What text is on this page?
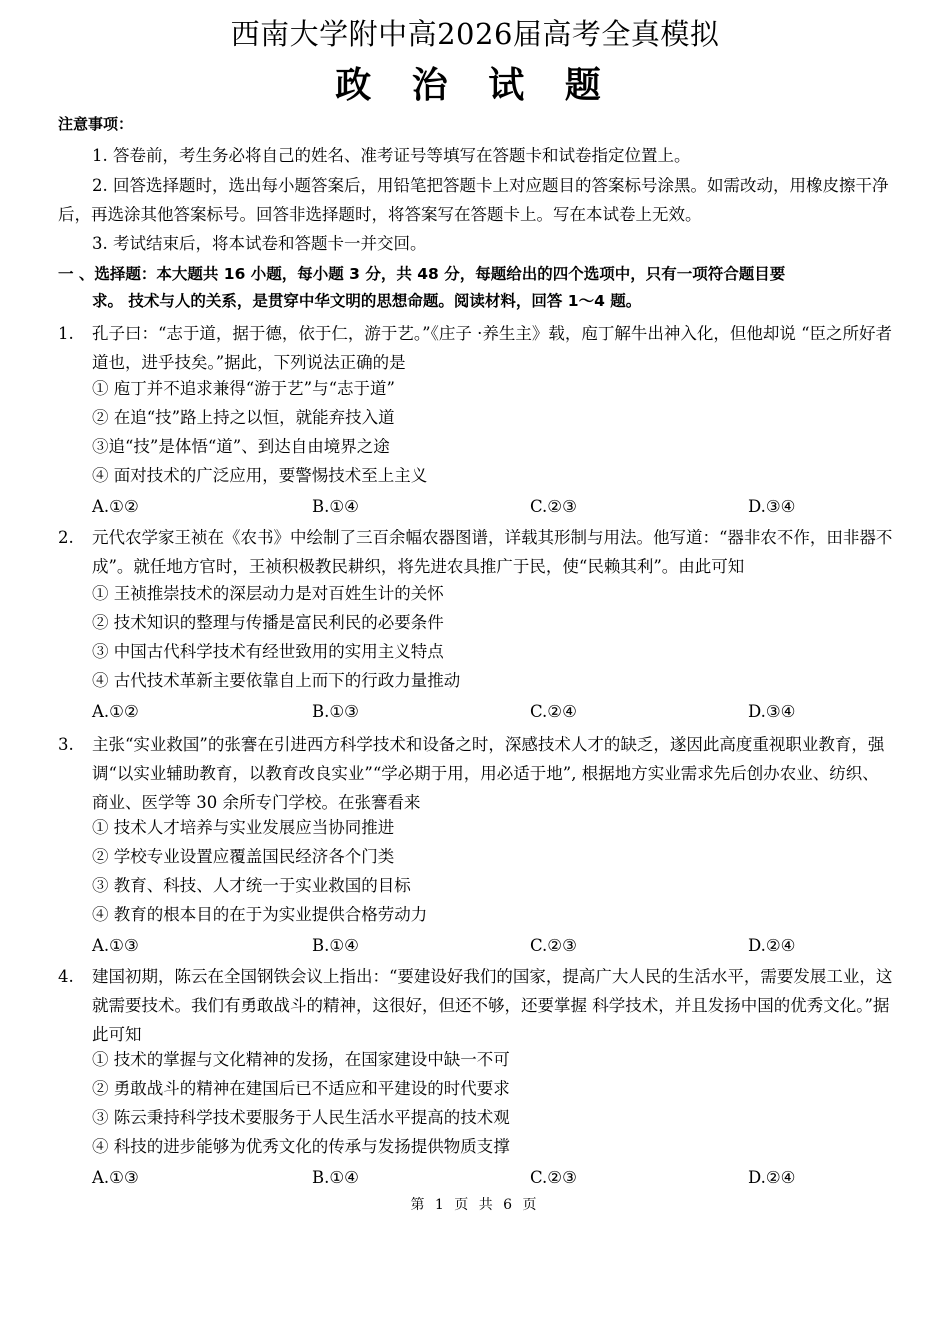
西南大学附中高2026届高考全真模拟
政 治 试 题
注意事项：
1. 答卷前，考生务必将自己的姓名、准考证号等填写在答题卡和试卷指定位置上。
2. 回答选择题时，选出每小题答案后，用铅笔把答题卡上对应题目的答案标号涂黑。如需改动，用橡皮擦干净后，再选涂其他答案标号。回答非选择题时，将答案写在答题卡上。写在本试卷上无效。
3. 考试结束后，将本试卷和答题卡一并交回。
一 、选择题：本大题共 16 小题，每小题 3 分，共 48 分，每题给出的四个选项中，只有一项符合题目要
求。 技术与人的关系，是贯穿中华文明的思想命题。阅读材料，回答 1～4 题。
1.	孔子曰：“志于道，据于德，依于仁，游于艺。”《庄子 ·养生主》载，庖丁解牛出神入化，但他却说 “臣之所好者道也，进乎技矣。”据此，下列说法正确的是
① 庖丁并不追求兼得“游于艺”与“志于道”
② 在追“技”路上持之以恒，就能弃技入道
③追“技”是体悟“道”、到达自由境界之途
④ 面对技术的广泛应用，要警惕技术至上主义
A.①②	B.①④	C.②③	D.③④
2.	元代农学家王祯在《农书》中绘制了三百余幅农器图谱，详载其形制与用法。他写道：“器非农不作，田非器不成”。就任地方官时，王祯积极教民耕织，将先进农具推广于民，使“民赖其利”。由此可知
① 王祯推崇技术的深层动力是对百姓生计的关怀
② 技术知识的整理与传播是富民利民的必要条件
③ 中国古代科学技术有经世致用的实用主义特点
④ 古代技术革新主要依靠自上而下的行政力量推动
A.①②	B.①③	C.②④	D.③④
3.	主张“实业救国”的张謇在引进西方科学技术和设备之时，深感技术人才的缺乏，遂因此高度重视职业教育，强调“以实业辅助教育，以教育改良实业”“学必期于用，用必适于地”, 根据地方实业需求先后创办农业、纺织、商业、医学等 30 余所专门学校。在张謇看来
① 技术人才培养与实业发展应当协同推进
② 学校专业设置应覆盖国民经济各个门类
③ 教育、科技、人才统一于实业救国的目标
④ 教育的根本目的在于为实业提供合格劳动力
A.①③	B.①④	C.②③	D.②④
4.	建国初期，陈云在全国钢铁会议上指出：“要建设好我们的国家，提高广大人民的生活水平，需要发展工业，这就需要技术。我们有勇敢战斗的精神，这很好，但还不够，还要掌握 科学技术，并且发扬中国的优秀文化。”据此可知
① 技术的掌握与文化精神的发扬，在国家建设中缺一不可
② 勇敢战斗的精神在建国后已不适应和平建设的时代要求
③ 陈云秉持科学技术要服务于人民生活水平提高的技术观
④ 科技的进步能够为优秀文化的传承与发扬提供物质支撑
A.①③	B.①④	C.②③	D.②④
第 1 页 共 6 页
